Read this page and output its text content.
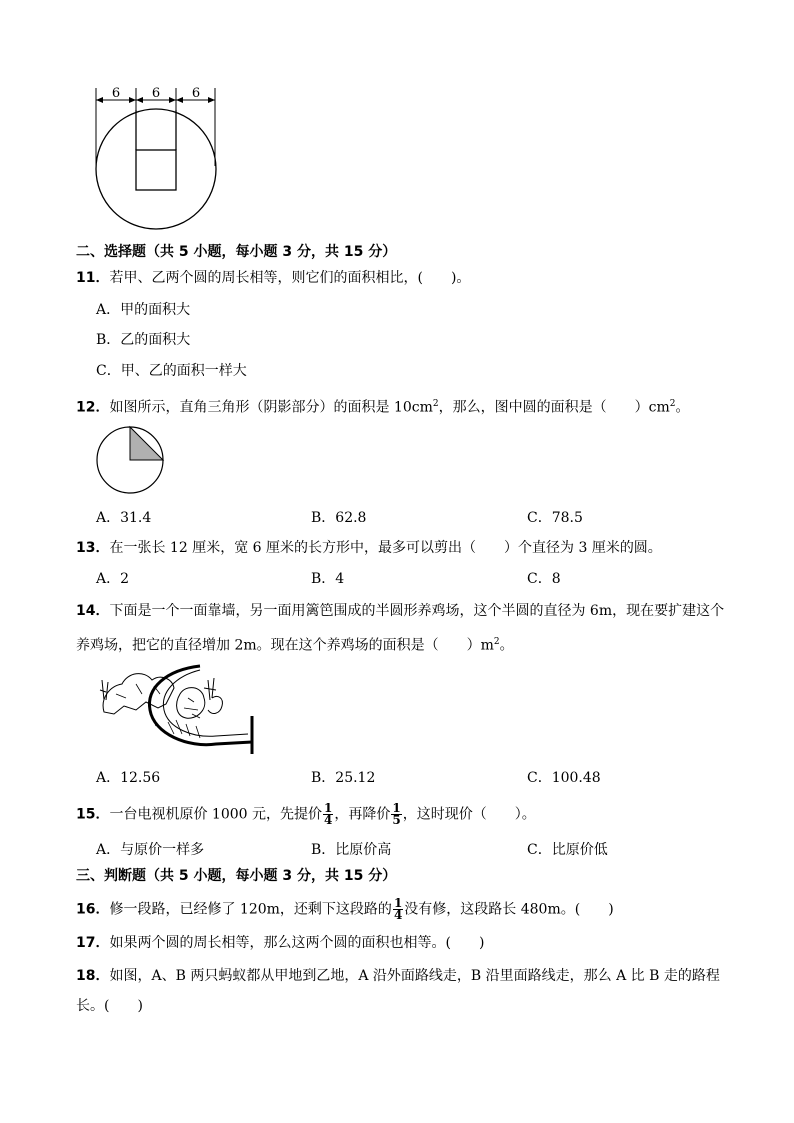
6 6 6
二、选择题（共 5 小题，每小题 3 分，共 15 分）
11．若甲、乙两个圆的周长相等，则它们的面积相比，(　　)。
A．甲的面积大
B．乙的面积大
C．甲、乙的面积一样大
12．如图所示，直角三角形（阴影部分）的面积是 $10cm^2$，那么，图中圆的面积是（　　）$cm^2$。
A．31.4	B．62.8	C．78.5
13．在一张长 12 厘米，宽 6 厘米的长方形中，最多可以剪出（　　）个直径为 3 厘米的圆。
A．2	B．4	C．8
14．下面是一个一面靠墙，另一面用篱笆围成的半圆形养鸡场，这个半圆的直径为 6m，现在要扩建这个
养鸡场，把它的直径增加 2m。现在这个养鸡场的面积是（　　）$m^2$。
A．12.56	B．25.12	C．100.48
15．一台电视机原价 1000 元，先提价 $\frac{1}{4}$ ，再降价 $\frac{1}{5}$ ，这时现价（　　）。
A．与原价一样多	B．比原价高	C．比原价低
三、判断题（共 5 小题，每小题 3 分，共 15 分）
16．修一段路，已经修了 120m，还剩下这段路的 $\frac{1}{4}$ 没有修，这段路长 480m。(　　)
17．如果两个圆的周长相等，那么这两个圆的面积也相等。(　　)
18．如图，A、B 两只蚂蚁都从甲地到乙地，A 沿外面路线走，B 沿里面路线走，那么 A 比 B 走的路程
长。(　　)
